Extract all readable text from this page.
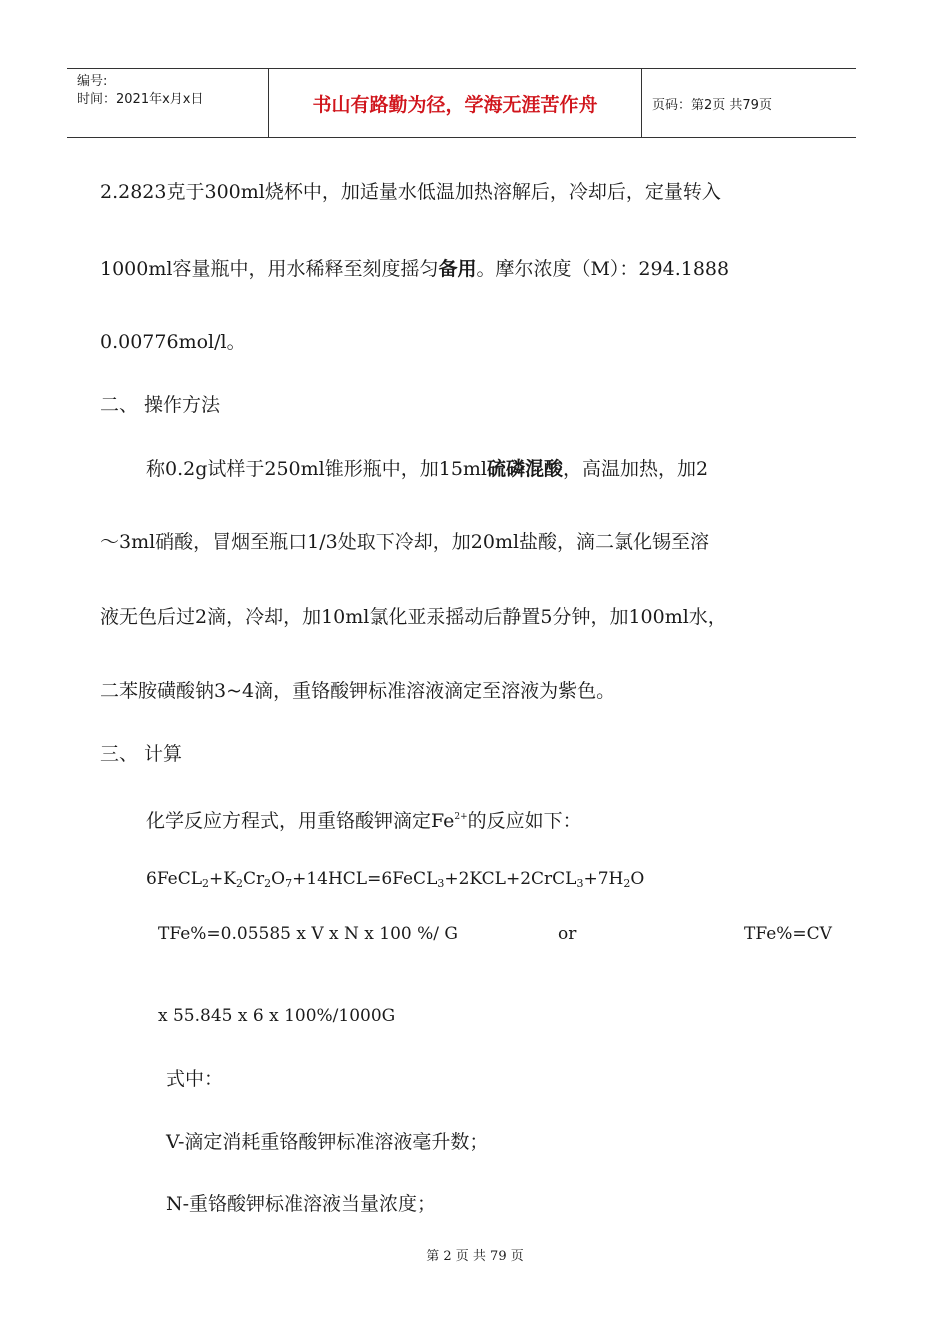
编号:
时间：2021年x月x日	书山有路勤为径，学海无涯苦作舟	页码：第2页 共79页
2.2823克于300ml烧杯中，加适量水低温加热溶解后，冷却后，定量转入
1000ml容量瓶中，用水稀释至刻度摇匀备用。摩尔浓度（M）：294.1888
0.00776mol/l。
二、 操作方法
称0.2g试样于250ml锥形瓶中，加15ml硫磷混酸，高温加热，加2
～3ml硝酸，冒烟至瓶口1/3处取下冷却，加20ml盐酸，滴二氯化锡至溶
液无色后过2滴，冷却，加10ml氯化亚汞摇动后静置5分钟，加100ml水，
二苯胺磺酸钠3~4滴，重铬酸钾标准溶液滴定至溶液为紫色。
三、 计算
化学反应方程式，用重铬酸钾滴定$Fe^{2+}$的反应如下：
$6FeCL_2+K_2Cr_2O_7+14HCL=6FeCL_3+2KCL+2CrCL_3+7H_2O$
TFe%=0.05585 x V x N x 100 %/ G	or	TFe%=CV
x 55.845 x 6 x 100%/1000G
式中：
V-滴定消耗重铬酸钾标准溶液毫升数；
N-重铬酸钾标准溶液当量浓度；
第 2 页 共 79 页
